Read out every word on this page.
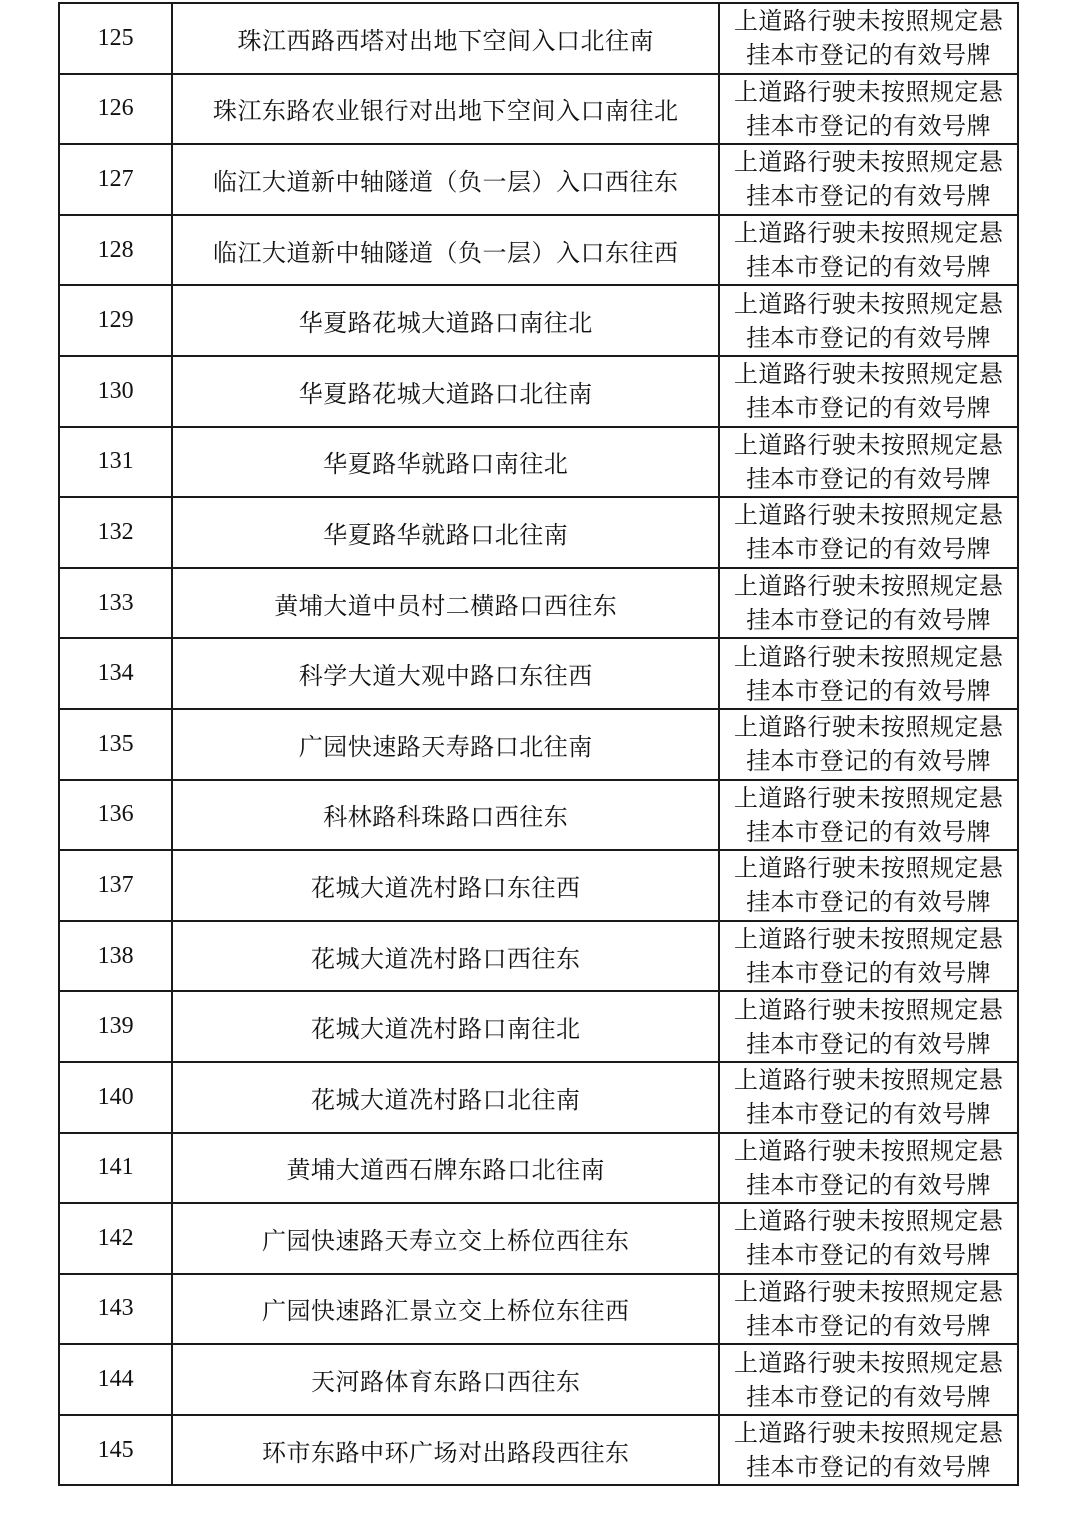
125	珠江西路西塔对出地下空间入口北往南	上道路行驶未按照规定悬
挂本市登记的有效号牌

126	珠江东路农业银行对出地下空间入口南往北	上道路行驶未按照规定悬
挂本市登记的有效号牌

127	临江大道新中轴隧道（负一层）入口西往东	上道路行驶未按照规定悬
挂本市登记的有效号牌

128	临江大道新中轴隧道（负一层）入口东往西	上道路行驶未按照规定悬
挂本市登记的有效号牌

129	华夏路花城大道路口南往北	上道路行驶未按照规定悬
挂本市登记的有效号牌

130	华夏路花城大道路口北往南	上道路行驶未按照规定悬
挂本市登记的有效号牌

131	华夏路华就路口南往北	上道路行驶未按照规定悬
挂本市登记的有效号牌

132	华夏路华就路口北往南	上道路行驶未按照规定悬
挂本市登记的有效号牌

133	黄埔大道中员村二横路口西往东	上道路行驶未按照规定悬
挂本市登记的有效号牌

134	科学大道大观中路口东往西	上道路行驶未按照规定悬
挂本市登记的有效号牌

135	广园快速路天寿路口北往南	上道路行驶未按照规定悬
挂本市登记的有效号牌

136	科林路科珠路口西往东	上道路行驶未按照规定悬
挂本市登记的有效号牌

137	花城大道冼村路口东往西	上道路行驶未按照规定悬
挂本市登记的有效号牌

138	花城大道冼村路口西往东	上道路行驶未按照规定悬
挂本市登记的有效号牌

139	花城大道冼村路口南往北	上道路行驶未按照规定悬
挂本市登记的有效号牌

140	花城大道冼村路口北往南	上道路行驶未按照规定悬
挂本市登记的有效号牌

141	黄埔大道西石牌东路口北往南	上道路行驶未按照规定悬
挂本市登记的有效号牌

142	广园快速路天寿立交上桥位西往东	上道路行驶未按照规定悬
挂本市登记的有效号牌

143	广园快速路汇景立交上桥位东往西	上道路行驶未按照规定悬
挂本市登记的有效号牌

144	天河路体育东路口西往东	上道路行驶未按照规定悬
挂本市登记的有效号牌

145	环市东路中环广场对出路段西往东	上道路行驶未按照规定悬
挂本市登记的有效号牌
